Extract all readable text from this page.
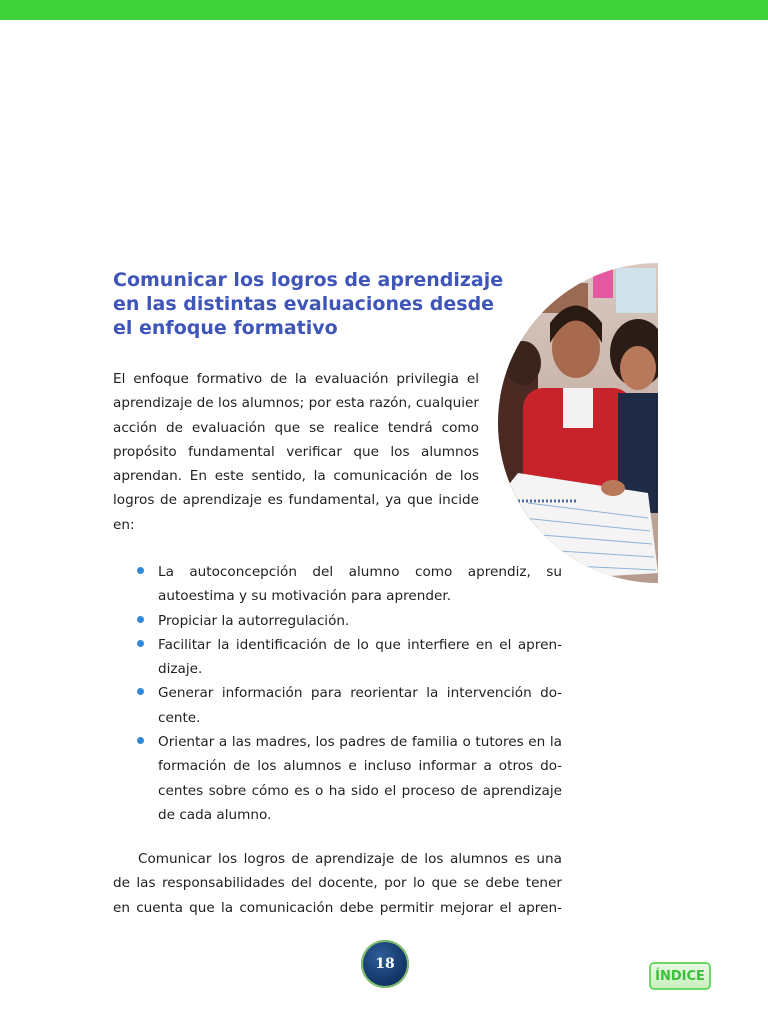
Comunicar los logros de aprendizaje
en las distintas evaluaciones desde
el enfoque formativo

El enfoque formativo de la evaluación privilegia el aprendizaje de los alumnos; por esta razón, cualquier acción de evaluación que se realice tendrá como propósito fundamental verificar que los alumnos aprendan. En este sentido, la comunicación de los logros de aprendizaje es fundamental, ya que incide en:

La autoconcepción del alumno como aprendiz, su autoestima y su motivación para aprender.
Propiciar la autorregulación.
Facilitar la identificación de lo que interfiere en el aprendizaje.
Generar información para reorientar la intervención docente.
Orientar a las madres, los padres de familia o tutores en la formación de los alumnos e incluso informar a otros docentes sobre cómo es o ha sido el proceso de aprendizaje de cada alumno.

Comunicar los logros de aprendizaje de los alumnos es una de las responsabilidades del docente, por lo que se debe tener en cuenta que la comunicación debe permitir mejorar el apren-

18
ÍNDICE
